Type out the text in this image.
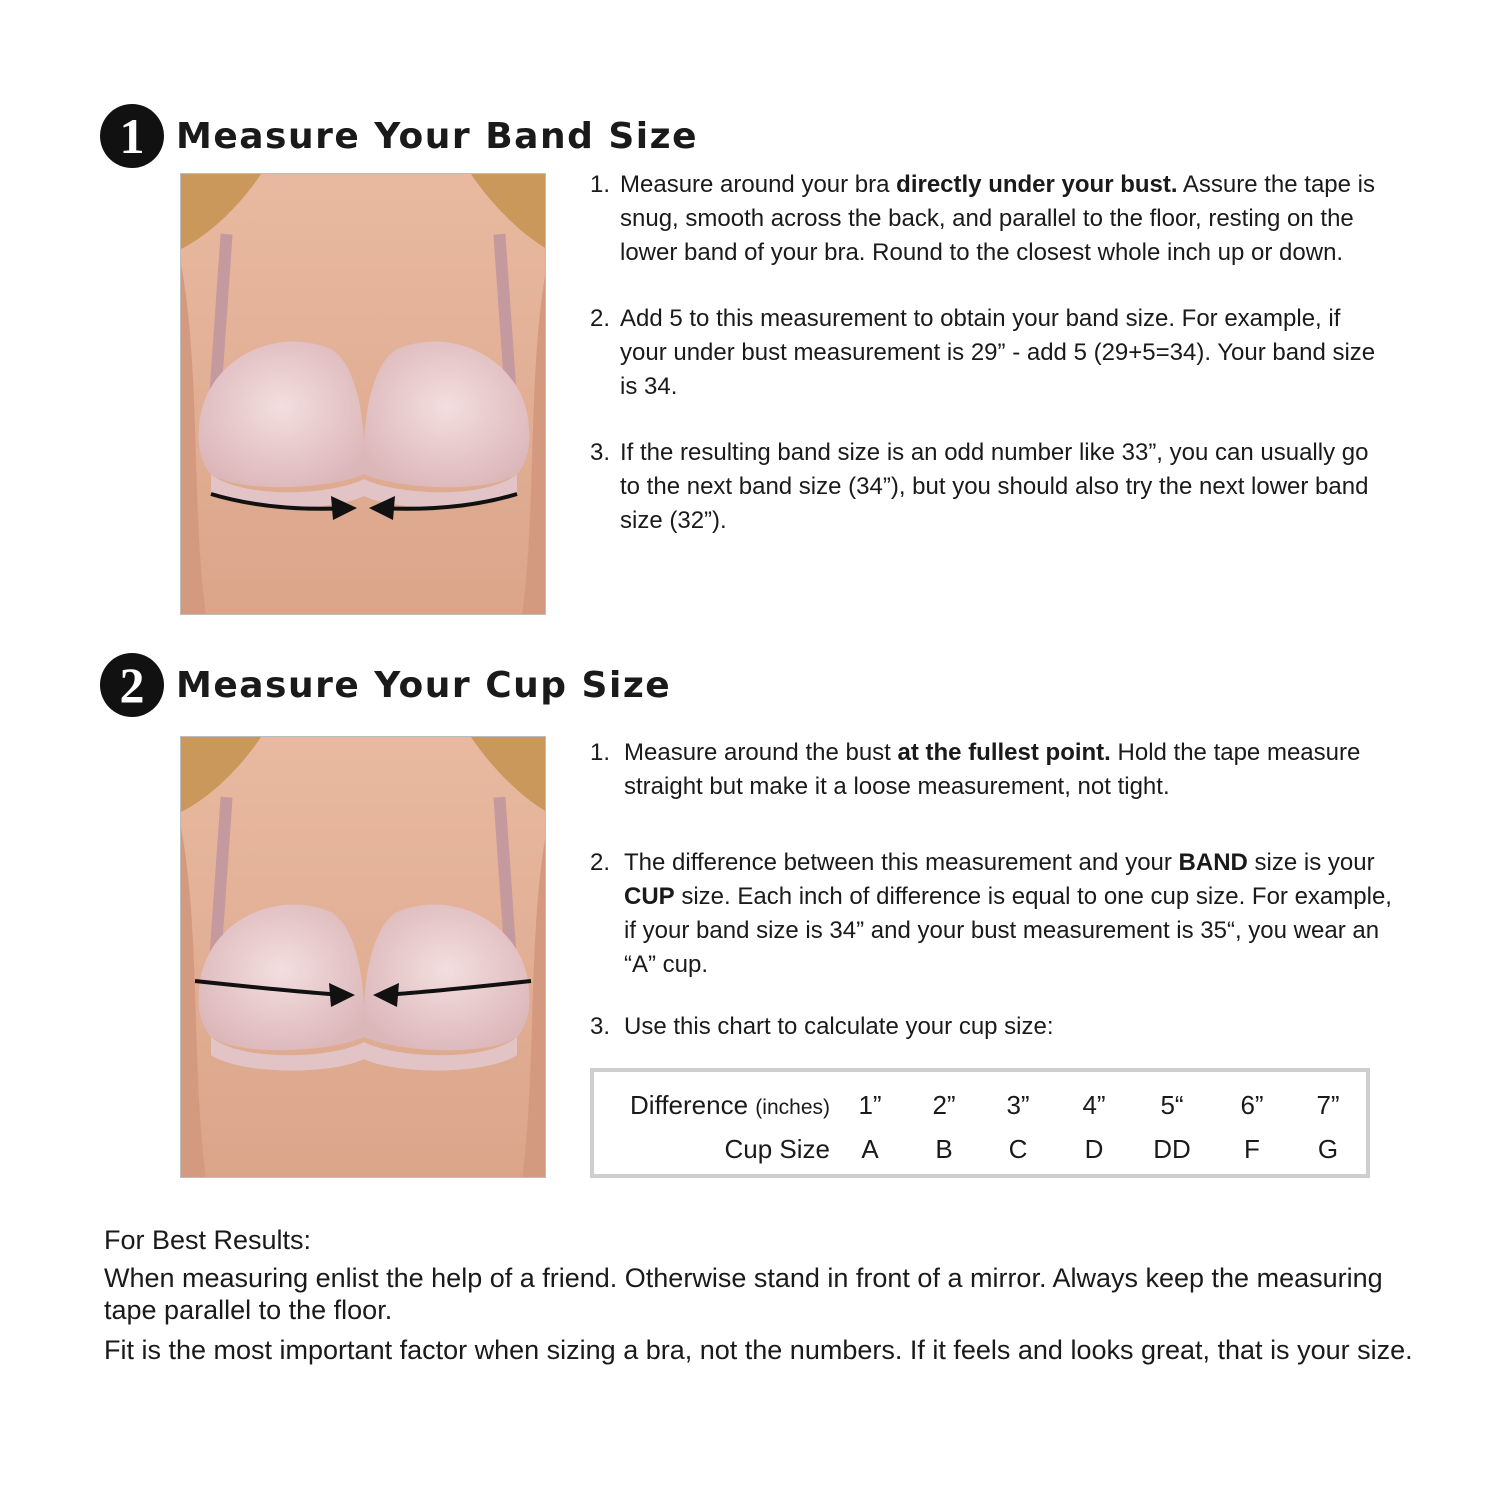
1 Measure Your Band Size
1. Measure around your bra directly under your bust. Assure the tape is snug, smooth across the back, and parallel to the floor, resting on the lower band of your bra. Round to the closest whole inch up or down.
2. Add 5 to this measurement to obtain your band size. For example, if your under bust measurement is 29” - add 5 (29+5=34). Your band size is 34.
3. If the resulting band size is an odd number like 33”, you can usually go to the next band size (34”), but you should also try the next lower band size (32”).
2 Measure Your Cup Size
1. Measure around the bust at the fullest point. Hold the tape measure straight but make it a loose measurement, not tight.
2. The difference between this measurement and your BAND size is your CUP size. Each inch of difference is equal to one cup size. For example, if your band size is 34” and your bust measurement is 35“, you wear an “A” cup.
3. Use this chart to calculate your cup size:
Difference (inches)	1”	2”	3”	4”	5“	6”	7”
Cup Size	A	B	C	D	DD	F	G
For Best Results:

When measuring enlist the help of a friend. Otherwise stand in front of a mirror. Always keep the measuring tape parallel to the floor.

Fit is the most important factor when sizing a bra, not the numbers. If it feels and looks great, that is your size.
